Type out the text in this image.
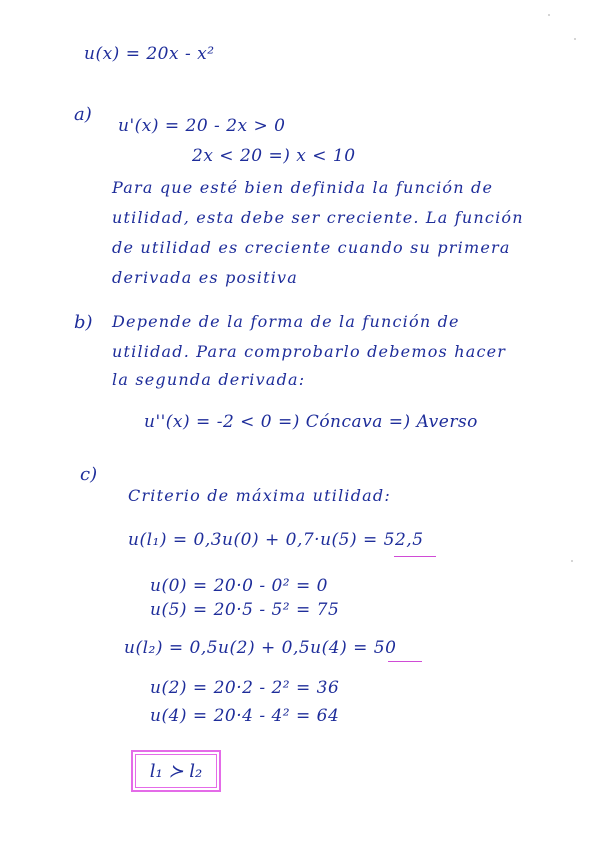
u(x) = 20x - x²
a)
u'(x) = 20 - 2x > 0
2x < 20 =) x < 10
Para que esté bien definida la función de
utilidad, esta debe ser creciente. La función
de utilidad es creciente cuando su primera
derivada es positiva
b) Depende de la forma de la función de
utilidad. Para comprobarlo debemos hacer
la segunda derivada:
u''(x) = -2 < 0 =) Cóncava =) Averso
c)
Criterio de máxima utilidad:
u(l₁) = 0,3u(0) + 0,7·u(5) = 52,5
u(0) = 20·0 - 0² = 0
u(5) = 20·5 - 5² = 75
u(l₂) = 0,5u(2) + 0,5u(4) = 50
u(2) = 20·2 - 2² = 36
u(4) = 20·4 - 4² = 64
l₁ ≻ l₂
